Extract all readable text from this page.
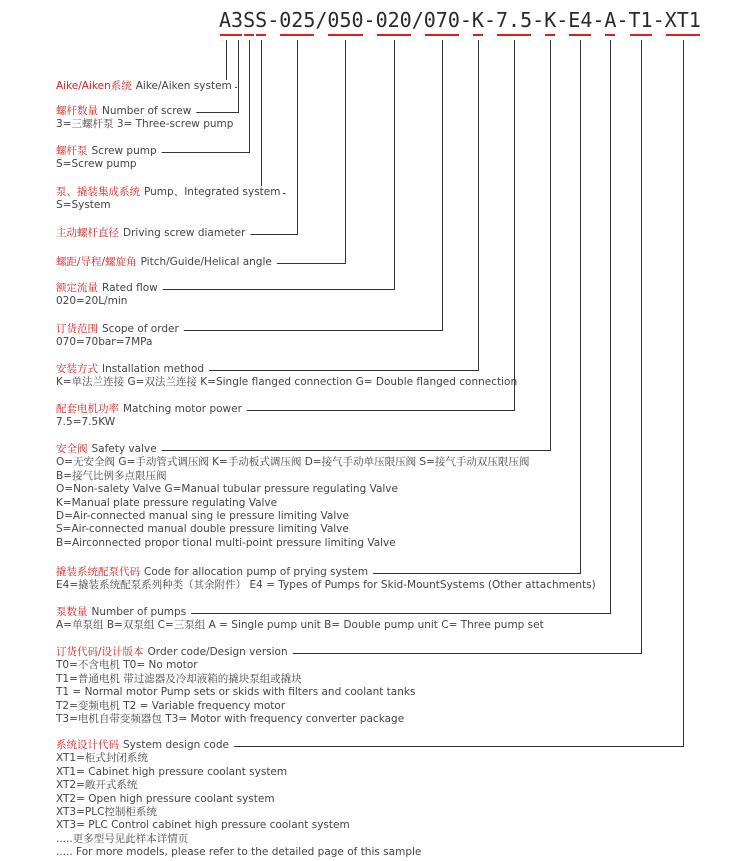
A3 S S - 025 / 050 - 020 / 070 - K - 7.5 - K - E4 - A - T1 - XT1
Aike/Aiken系统 Aike/Aiken system
螺杆数量 Number of screw
3=三螺杆泵 3= Three-screw pump
螺杆泵 Screw pump
S=Screw pump
泵、撬装集成系统 Pump、Integrated system
S=System
主动螺杆直径 Driving screw diameter
螺距/导程/螺旋角 Pitch/Guide/Helical angle
额定流量 Rated flow
020=20L/min
订货范围 Scope of order
070=70bar=7MPa
安装方式 Installation method
K=单法兰连接 G=双法兰连接 K=Single flanged connection G= Double flanged connection
配套电机功率 Matching motor power
7.5=7.5KW
安全阀 Safety valve
O=无安全阀 G=手动管式调压阀 K=手动板式调压阀 D=接气手动单压限压阀 S=接气手动双压限压阀
B=接气比例多点限压阀
O=Non-salety Valve G=Manual tubular pressure regulating Valve
K=Manual plate pressure regulating Valve
D=Air-connected manual sing le pressure limiting Valve
S=Air-connected manual double pressure limiting Valve
B=Airconnected propor tional multi-point pressure limiting Valve
撬装系统配泵代码 Code for allocation pump of prying system
E4=撬装系统配泵系列种类（其余附件） E4 = Types of Pumps for Skid-MountSystems (Other attachments)
泵数量 Number of pumps
A=单泵组 B=双泵组 C=三泵组 A = Single pump unit B= Double pump unit C= Three pump set
订货代码/设计版本 Order code/Design version
T0=不含电机 T0= No motor
T1=普通电机 带过滤器及冷却液箱的撬块泵组或撬块
T1 = Normal motor Pump sets or skids with filters and coolant tanks
T2=变频电机 T2 = Variable frequency motor
T3=电机自带变频器包 T3= Motor with frequency converter package
系统设计代码 System design code
XT1=柜式封闭系统
XT1= Cabinet high pressure coolant system
XT2=敞开式系统
XT2= Open high pressure coolant system
XT3=PLC控制柜系统
XT3= PLC Control cabinet high pressure coolant system
.....更多型号见此样本详情页
..... For more models, please refer to the detailed page of this sample
